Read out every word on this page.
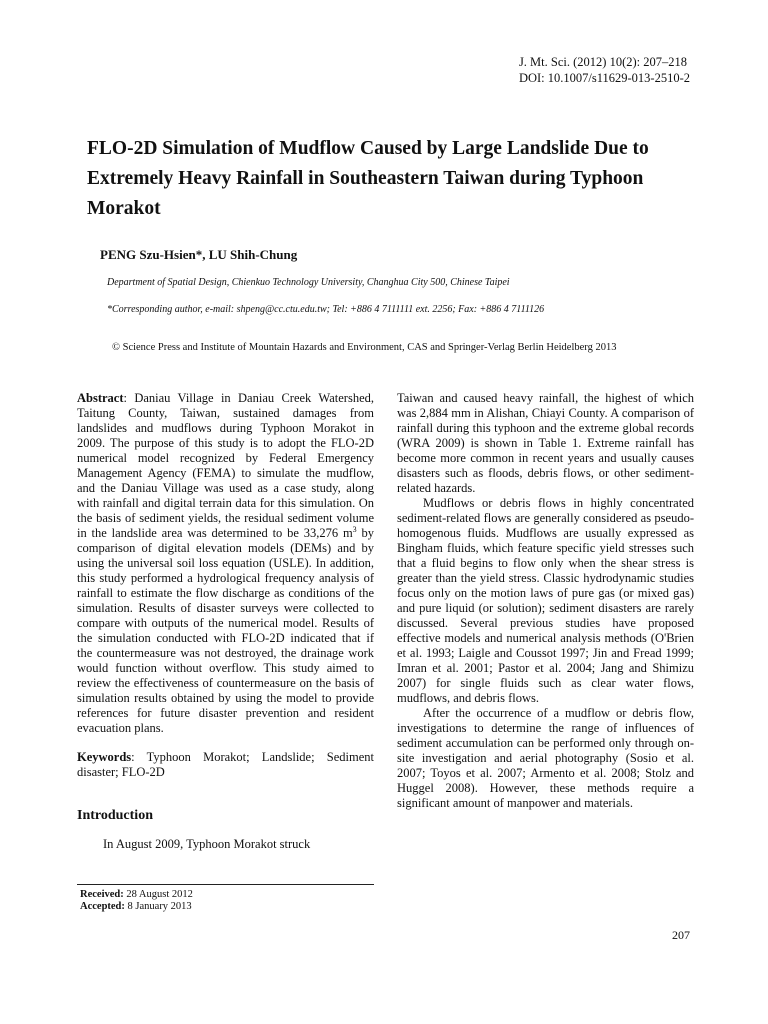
J. Mt. Sci. (2012) 10(2): 207–218
DOI: 10.1007/s11629-013-2510-2
FLO-2D Simulation of Mudflow Caused by Large Landslide Due to Extremely Heavy Rainfall in Southeastern Taiwan during Typhoon Morakot
PENG Szu-Hsien*, LU Shih-Chung
Department of Spatial Design, Chienkuo Technology University, Changhua City 500, Chinese Taipei
*Corresponding author, e-mail: shpeng@cc.ctu.edu.tw; Tel: +886 4 7111111 ext. 2256; Fax: +886 4 7111126
© Science Press and Institute of Mountain Hazards and Environment, CAS and Springer-Verlag Berlin Heidelberg 2013

Abstract: Daniau Village in Daniau Creek Watershed, Taitung County, Taiwan, sustained damages from landslides and mudflows during Typhoon Morakot in 2009. The purpose of this study is to adopt the FLO-2D numerical model recognized by Federal Emergency Management Agency (FEMA) to simulate the mudflow, and the Daniau Village was used as a case study, along with rainfall and digital terrain data for this simulation. On the basis of sediment yields, the residual sediment volume in the landslide area was determined to be 33,276 $m^3$ by comparison of digital elevation models (DEMs) and by using the universal soil loss equation (USLE). In addition, this study performed a hydrological frequency analysis of rainfall to estimate the flow discharge as conditions of the simulation. Results of disaster surveys were collected to compare with outputs of the numerical model. Results of the simulation conducted with FLO-2D indicated that if the countermeasure was not destroyed, the drainage work would function without overflow. This study aimed to review the effectiveness of countermeasure on the basis of simulation results obtained by using the model to provide references for future disaster prevention and resident evacuation plans.

Keywords: Typhoon Morakot; Landslide; Sediment disaster; FLO-2D

Introduction

In August 2009, Typhoon Morakot struck

Received: 28 August 2012
Accepted: 8 January 2013

Taiwan and caused heavy rainfall, the highest of which was 2,884 mm in Alishan, Chiayi County. A comparison of rainfall during this typhoon and the extreme global records (WRA 2009) is shown in Table 1. Extreme rainfall has become more common in recent years and usually causes disasters such as floods, debris flows, or other sediment-related hazards.

Mudflows or debris flows in highly concentrated sediment-related flows are generally considered as pseudo-homogenous fluids. Mudflows are usually expressed as Bingham fluids, which feature specific yield stresses such that a fluid begins to flow only when the shear stress is greater than the yield stress. Classic hydrodynamic studies focus only on the motion laws of pure gas (or mixed gas) and pure liquid (or solution); sediment disasters are rarely discussed. Several previous studies have proposed effective models and numerical analysis methods (O'Brien et al. 1993; Laigle and Coussot 1997; Jin and Fread 1999; Imran et al. 2001; Pastor et al. 2004; Jang and Shimizu 2007) for single fluids such as clear water flows, mudflows, and debris flows.

After the occurrence of a mudflow or debris flow, investigations to determine the range of influences of sediment accumulation can be performed only through on-site investigation and aerial photography (Sosio et al. 2007; Toyos et al. 2007; Armento et al. 2008; Stolz and Huggel 2008). However, these methods require a significant amount of manpower and materials.

207
